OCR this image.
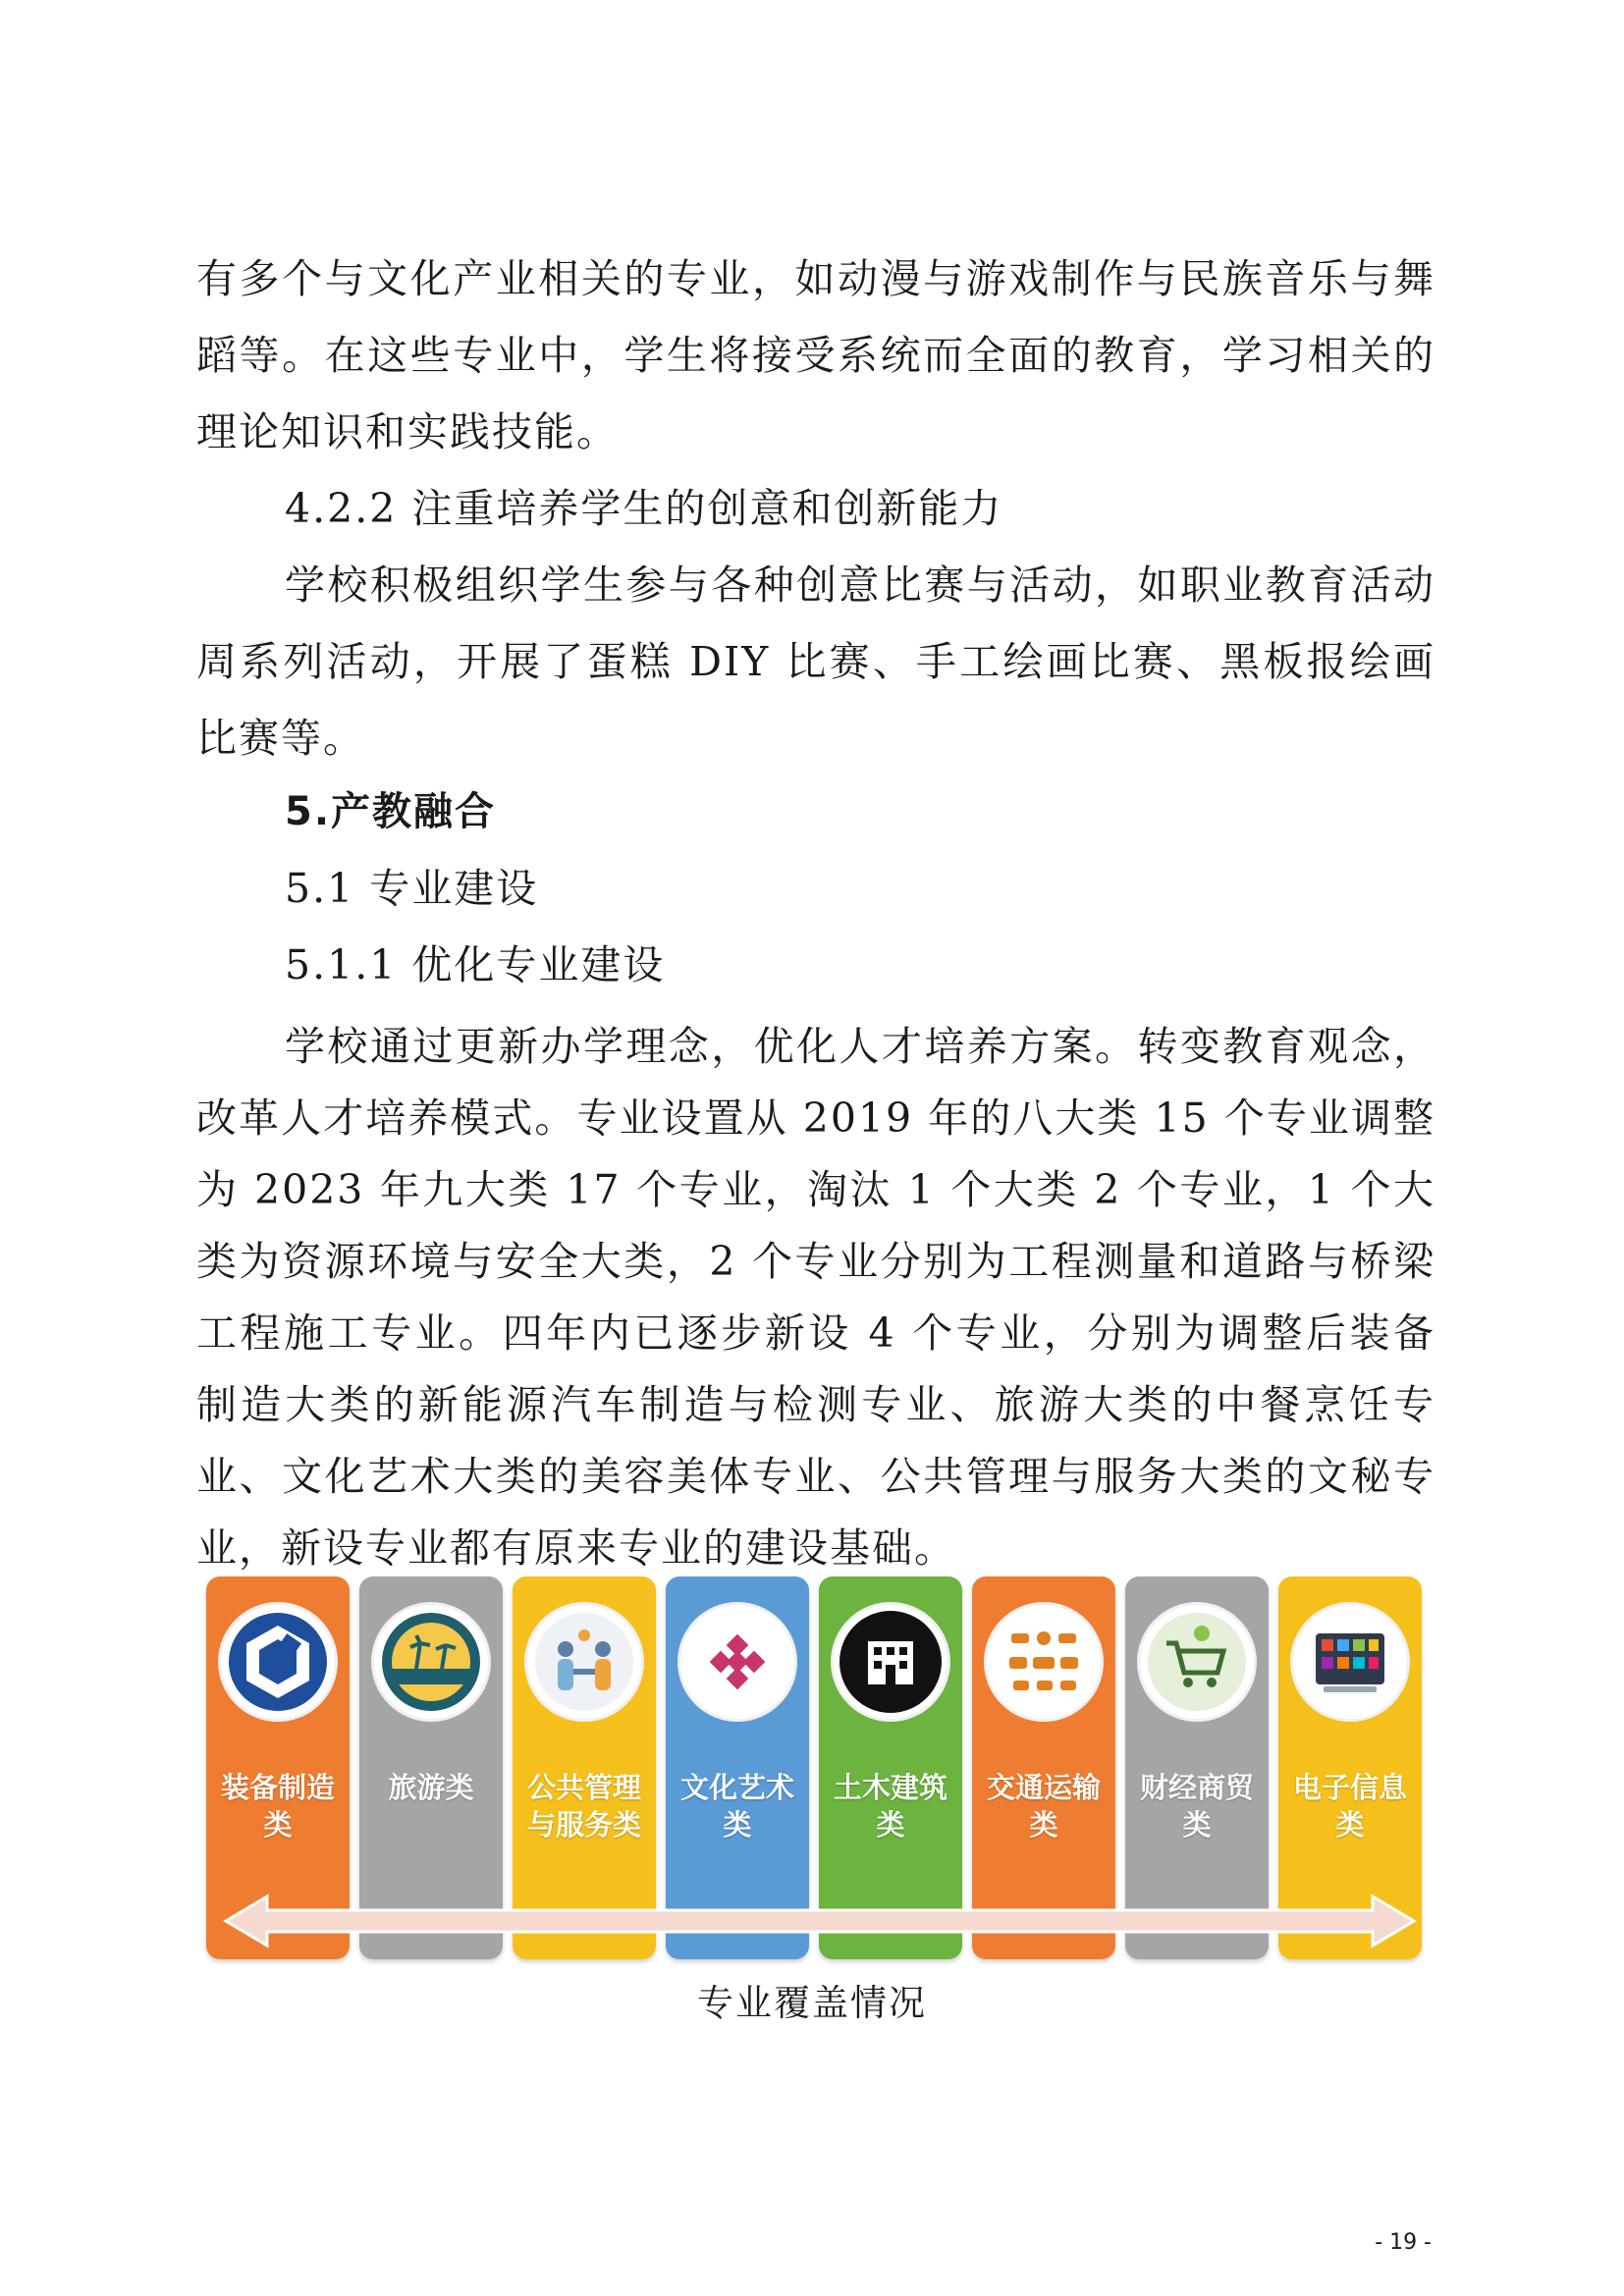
有多个与文化产业相关的专业，如动漫与游戏制作与民族音乐与舞蹈等。在这些专业中，学生将接受系统而全面的教育，学习相关的理论知识和实践技能。

4.2.2 注重培养学生的创意和创新能力

学校积极组织学生参与各种创意比赛与活动，如职业教育活动周系列活动，开展了蛋糕 DIY 比赛、手工绘画比赛、黑板报绘画比赛等。

5.产教融合

5.1 专业建设

5.1.1 优化专业建设

学校通过更新办学理念，优化人才培养方案。转变教育观念，改革人才培养模式。专业设置从 2019 年的八大类 15 个专业调整为 2023 年九大类 17 个专业，淘汰 1 个大类 2 个专业，1 个大类为资源环境与安全大类，2 个专业分别为工程测量和道路与桥梁工程施工专业。四年内已逐步新设 4 个专业，分别为调整后装备制造大类的新能源汽车制造与检测专业、旅游大类的中餐烹饪专业、文化艺术大类的美容美体专业、公共管理与服务大类的文秘专业，新设专业都有原来专业的建设基础。

装备制造类
旅游类	公共管理与服务类
文化艺术类
土木建筑类
交通运输类
财经商贸类
电子信息类
专业覆盖情况
- 19 -
